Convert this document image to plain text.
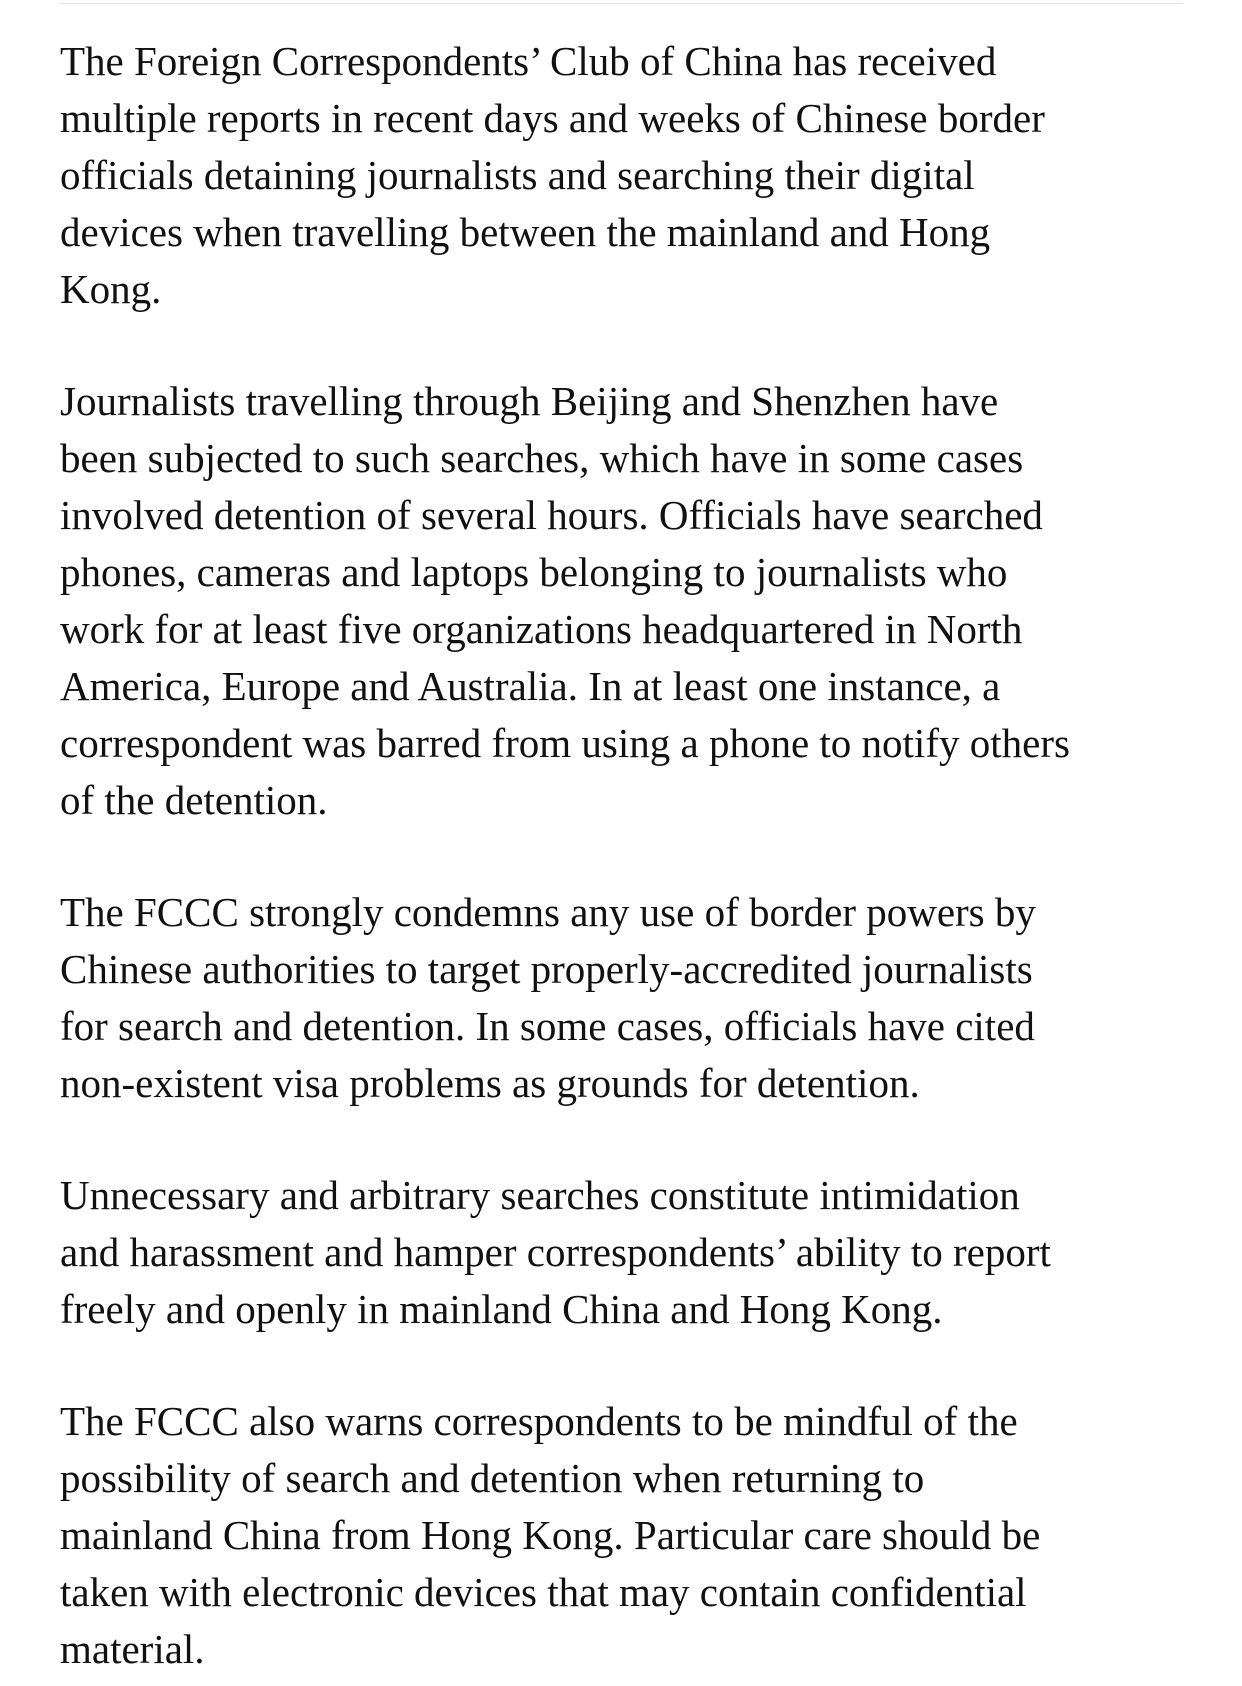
The Foreign Correspondents’ Club of China has received
multiple reports in recent days and weeks of Chinese border
officials detaining journalists and searching their digital
devices when travelling between the mainland and Hong
Kong.

Journalists travelling through Beijing and Shenzhen have
been subjected to such searches, which have in some cases
involved detention of several hours. Officials have searched
phones, cameras and laptops belonging to journalists who
work for at least five organizations headquartered in North
America, Europe and Australia. In at least one instance, a
correspondent was barred from using a phone to notify others
of the detention.

The FCCC strongly condemns any use of border powers by
Chinese authorities to target properly-accredited journalists
for search and detention. In some cases, officials have cited
non-existent visa problems as grounds for detention.

Unnecessary and arbitrary searches constitute intimidation
and harassment and hamper correspondents’ ability to report
freely and openly in mainland China and Hong Kong.

The FCCC also warns correspondents to be mindful of the
possibility of search and detention when returning to
mainland China from Hong Kong. Particular care should be
taken with electronic devices that may contain confidential
material.
